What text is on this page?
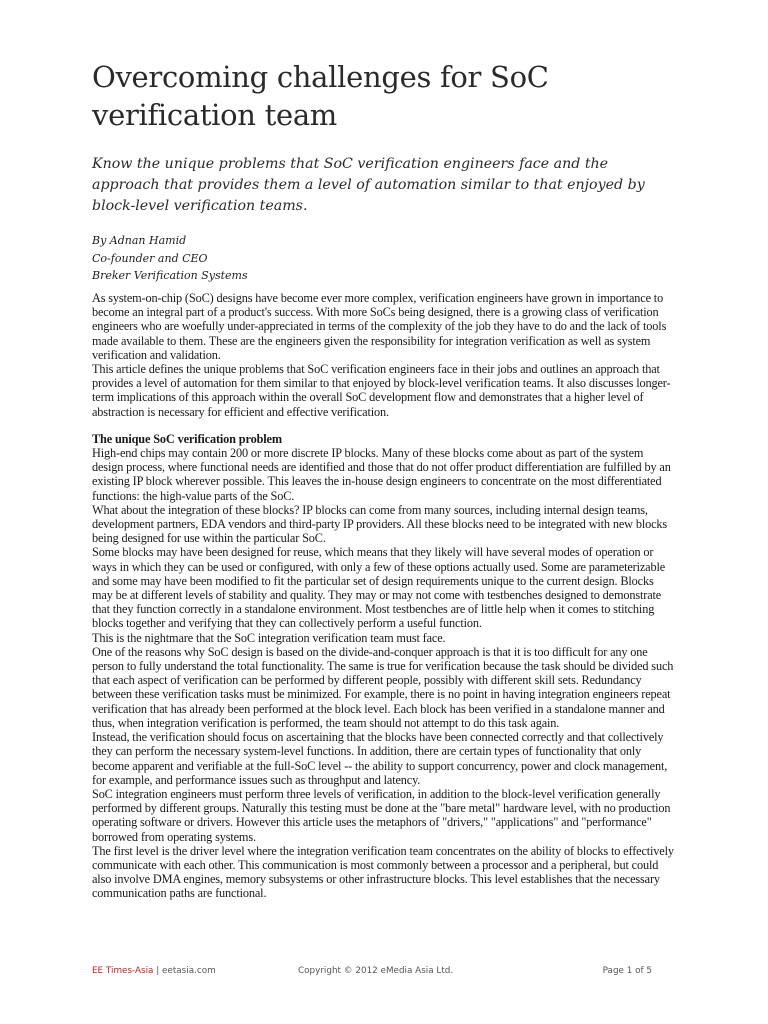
Overcoming challenges for SoC verification team

Know the unique problems that SoC verification engineers face and the approach that provides them a level of automation similar to that enjoyed by block-level verification teams.

By Adnan Hamid
Co-founder and CEO
Breker Verification Systems

As system-on-chip (SoC) designs have become ever more complex, verification engineers have grown in importance to become an integral part of a product's success. With more SoCs being designed, there is a growing class of verification engineers who are woefully under-appreciated in terms of the complexity of the job they have to do and the lack of tools made available to them. These are the engineers given the responsibility for integration verification as well as system verification and validation.

This article defines the unique problems that SoC verification engineers face in their jobs and outlines an approach that provides a level of automation for them similar to that enjoyed by block-level verification teams. It also discusses longer-term implications of this approach within the overall SoC development flow and demonstrates that a higher level of abstraction is necessary for efficient and effective verification.

The unique SoC verification problem

High-end chips may contain 200 or more discrete IP blocks. Many of these blocks come about as part of the system design process, where functional needs are identified and those that do not offer product differentiation are fulfilled by an existing IP block wherever possible. This leaves the in-house design engineers to concentrate on the most differentiated functions: the high-value parts of the SoC.

What about the integration of these blocks? IP blocks can come from many sources, including internal design teams, development partners, EDA vendors and third-party IP providers. All these blocks need to be integrated with new blocks being designed for use within the particular SoC.

Some blocks may have been designed for reuse, which means that they likely will have several modes of operation or ways in which they can be used or configured, with only a few of these options actually used. Some are parameterizable and some may have been modified to fit the particular set of design requirements unique to the current design. Blocks may be at different levels of stability and quality. They may or may not come with testbenches designed to demonstrate that they function correctly in a standalone environment. Most testbenches are of little help when it comes to stitching blocks together and verifying that they can collectively perform a useful function.

This is the nightmare that the SoC integration verification team must face.

One of the reasons why SoC design is based on the divide-and-conquer approach is that it is too difficult for any one person to fully understand the total functionality. The same is true for verification because the task should be divided such that each aspect of verification can be performed by different people, possibly with different skill sets. Redundancy between these verification tasks must be minimized. For example, there is no point in having integration engineers repeat verification that has already been performed at the block level. Each block has been verified in a standalone manner and thus, when integration verification is performed, the team should not attempt to do this task again.

Instead, the verification should focus on ascertaining that the blocks have been connected correctly and that collectively they can perform the necessary system-level functions. In addition, there are certain types of functionality that only become apparent and verifiable at the full-SoC level -- the ability to support concurrency, power and clock management, for example, and performance issues such as throughput and latency.

SoC integration engineers must perform three levels of verification, in addition to the block-level verification generally performed by different groups. Naturally this testing must be done at the "bare metal" hardware level, with no production operating software or drivers. However this article uses the metaphors of "drivers," "applications" and "performance" borrowed from operating systems.

The first level is the driver level where the integration verification team concentrates on the ability of blocks to effectively communicate with each other. This communication is most commonly between a processor and a peripheral, but could also involve DMA engines, memory subsystems or other infrastructure blocks. This level establishes that the necessary communication paths are functional.

EE Times-Asia | eetasia.com	Copyright © 2012 eMedia Asia Ltd.	Page 1 of 5
